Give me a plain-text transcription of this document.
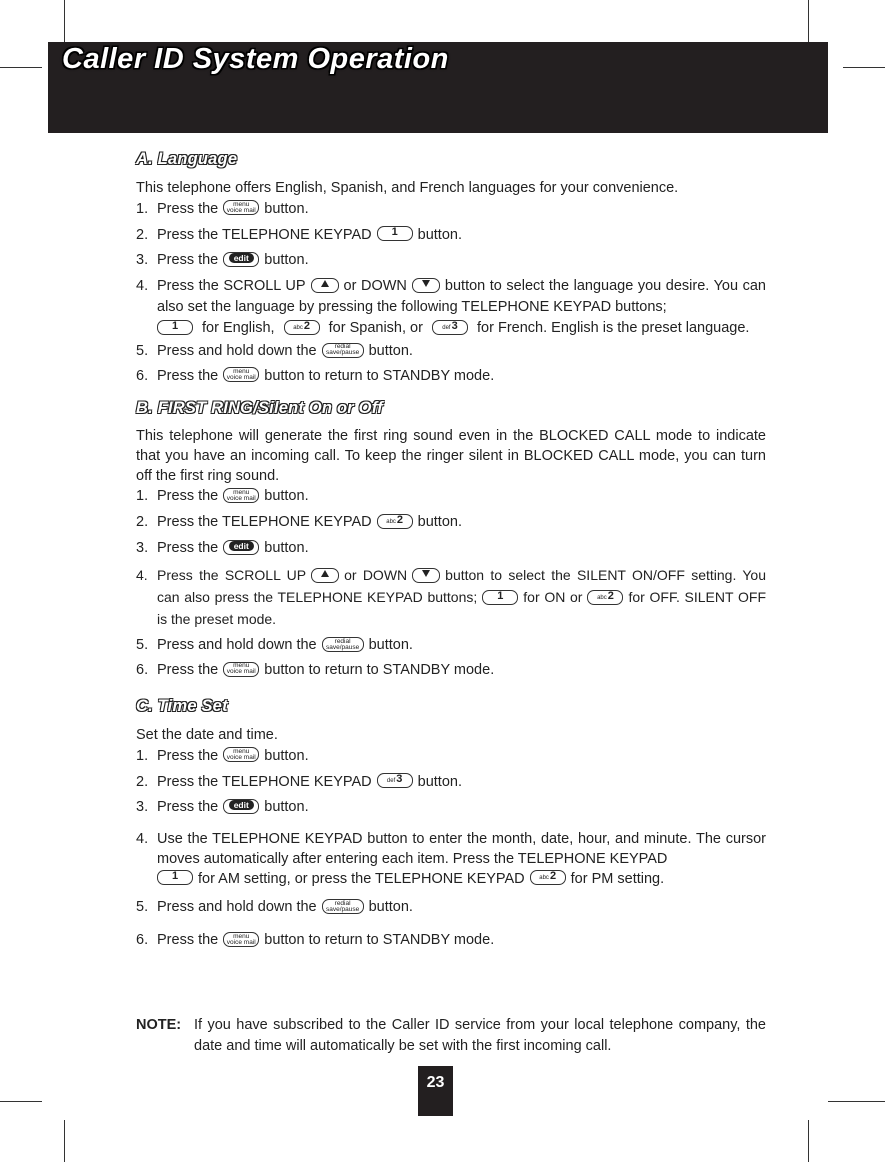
Caller ID System Operation
A. Language

This telephone offers English, Spanish, and French languages for your convenience.

1. Press the menu
voice mail button.
2. Press the TELEPHONE KEYPAD 1 button.
3. Press the edit button.
4. Press the SCROLL UP	or DOWN	button to select the language you desire. You can also set the language by pressing the following TELEPHONE KEYPAD buttons;
1 for English,	abc2 for Spanish, or	def3 for French. English is the preset language.
5. Press and hold down the	redial
save/pause button.
6. Press the menu
voice mail button to return to STANDBY mode.
B. FIRST RING/Silent On or Off

This telephone will generate the first ring sound even in the BLOCKED CALL mode to indicate that you have an incoming call. To keep the ringer silent in BLOCKED CALL mode, you can turn off the first ring sound.

1. Press the menu
voice mail button.
2. Press the TELEPHONE KEYPAD abc2 button.
3. Press the edit button.
4. Press the SCROLL UP	or DOWN	button to select the SILENT ON/OFF setting. You can also press the TELEPHONE KEYPAD buttons; 1 for ON or abc2 for OFF. SILENT OFF is the preset mode.
5. Press and hold down the	redial
save/pause button.
6. Press the menu
voice mail button to return to STANDBY mode.
C. Time Set

Set the date and time.

1. Press the menu
voice mail button.
2. Press the TELEPHONE KEYPAD	def3 button.
3. Press the edit button.
4. Use the TELEPHONE KEYPAD button to enter the month, date, hour, and minute. The cursor moves automatically after entering each item. Press the TELEPHONE KEYPAD
1 for AM setting, or press the TELEPHONE KEYPAD abc2 for PM setting.
5. Press and hold down the	redial
save/pause button.
6. Press the menu
voice mail button to return to STANDBY mode.
NOTE: If you have subscribed to the Caller ID service from your local telephone company, the date and time will automatically be set with the first incoming call.

23
